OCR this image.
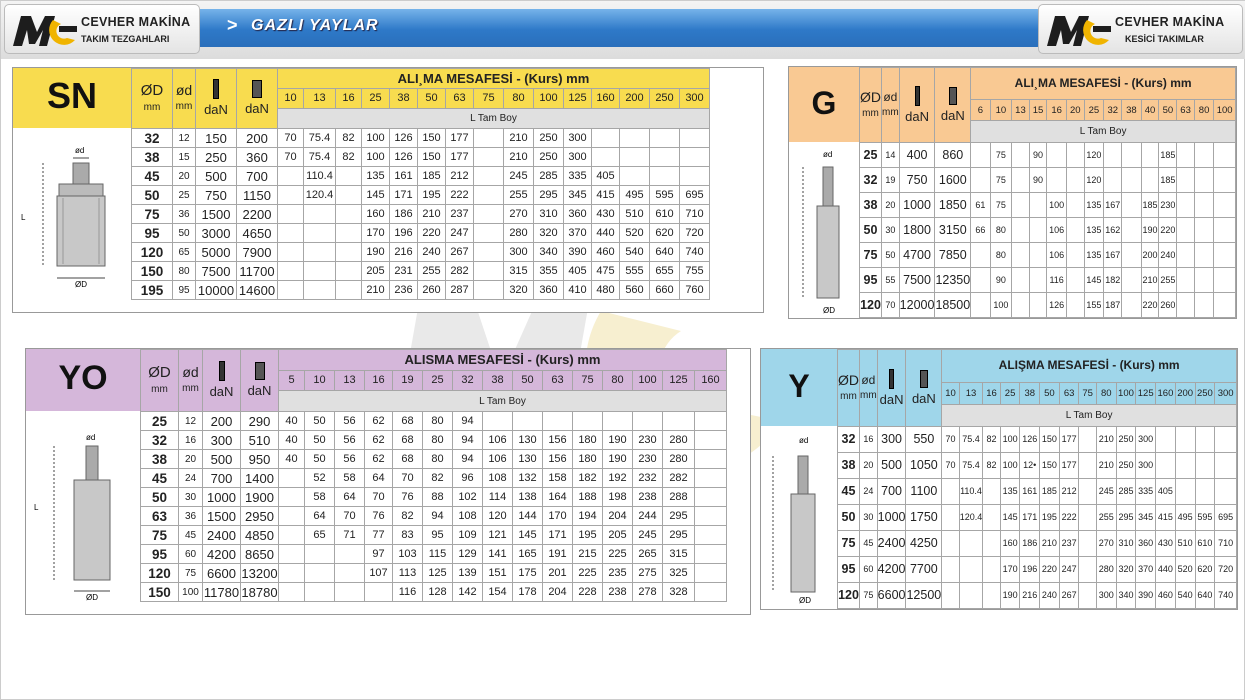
> GAZLI YAYLAR
CEVHER MAKİNA
TAKIM TEZGAHLARI
CEVHER MAKİNA
KESİCİ TAKIMLAR
SN
ød
ØD
L
ØD
mm	ød
mm	daN	daN	ALI¸MA MESAFESİ - (Kurs) mm														
				10	13	16	25	38	50	63	75	80	100	125	160	200	250	300
				L Tam Boy														
32	12	150	200	70	75.4	82	100	126	150	177		210	250	300				
38	15	250	360	70	75.4	82	100	126	150	177		210	250	300				
45	20	500	700		110.4		135	161	185	212		245	285	335	405			
50	25	750	1150		120.4		145	171	195	222		255	295	345	415	495	595	695
75	36	1500	2200				160	186	210	237		270	310	360	430	510	610	710
95	50	3000	4650				170	196	220	247		280	320	370	440	520	620	720
120	65	5000	7900				190	216	240	267		300	340	390	460	540	640	740
150	80	7500	11700				205	231	255	282		315	355	405	475	555	655	755
195	95	10000	14600				210	236	260	287		320	360	410	480	560	660	760
G
ød
ØD
ØD
mm	ød
mm	daN	daN	ALI¸MA MESAFESİ - (Kurs) mm													
				6	10	13	15	16	20	25	32	38	40	50	63	80	100
				L Tam Boy													
25	14	400	860		75		90			120				185			
32	19	750	1600		75		90			120				185			
38	20	1000	1850	61	75			100		135	167		185	230			
50	30	1800	3150	66	80			106		135	162		190	220			
75	50	4700	7850		80			106		135	167		200	240			
95	55	7500	12350		90			116		145	182		210	255			
120	70	12000	18500		100			126		155	187		220	260			
YO
ød
ØD
L
ØD
mm	ød
mm	daN	daN	ALISMA MESAFESİ - (Kurs) mm														
				5	10	13	16	19	25	32	38	50	63	75	80	100	125	160
				L Tam Boy														
25	12	200	290	40	50	56	62	68	80	94								
32	16	300	510	40	50	56	62	68	80	94	106	130	156	180	190	230	280	
38	20	500	950	40	50	56	62	68	80	94	106	130	156	180	190	230	280	
45	24	700	1400		52	58	64	70	82	96	108	132	158	182	192	232	282	
50	30	1000	1900		58	64	70	76	88	102	114	138	164	188	198	238	288	
63	36	1500	2950		64	70	76	82	94	108	120	144	170	194	204	244	295	
75	45	2400	4850		65	71	77	83	95	109	121	145	171	195	205	245	295	
95	60	4200	8650				97	103	115	129	141	165	191	215	225	265	315	
120	75	6600	13200				107	113	125	139	151	175	201	225	235	275	325	
150	100	11780	18780					116	128	142	154	178	204	228	238	278	328	
Y
ød
ØD
ØD
mm	ød
mm	daN	daN	ALIŞMA MESAFESİ - (Kurs) mm														
				10	13	16	25	38	50	63	75	80	100	125	160	200	250	300
				L Tam Boy														
32	16	300	550	70	75.4	82	100	126	150	177		210	250	300				
38	20	500	1050	70	75.4	82	100	12•	150	177		210	250	300				
45	24	700	1100		110.4		135	161	185	212		245	285	335	405			
50	30	1000	1750		120.4		145	171	195	222		255	295	345	415	495	595	695
75	45	2400	4250				160	186	210	237		270	310	360	430	510	610	710
95	60	4200	7700				170	196	220	247		280	320	370	440	520	620	720
120	75	6600	12500				190	216	240	267		300	340	390	460	540	640	740
